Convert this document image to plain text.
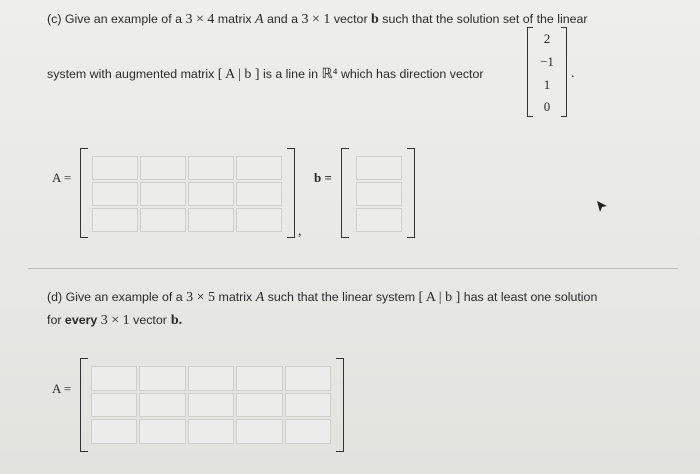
(c) Give an example of a 3 × 4 matrix A and a 3 × 1 vector b such that the solution set of the linear
system with augmented matrix [ A | b ] is a line in ℝ⁴ which has direction vector
2
−1
1
0
.
A =
,
b =
(d) Give an example of a 3 × 5 matrix A such that the linear system [ A | b ] has at least one solution
for every 3 × 1 vector b.
A =
